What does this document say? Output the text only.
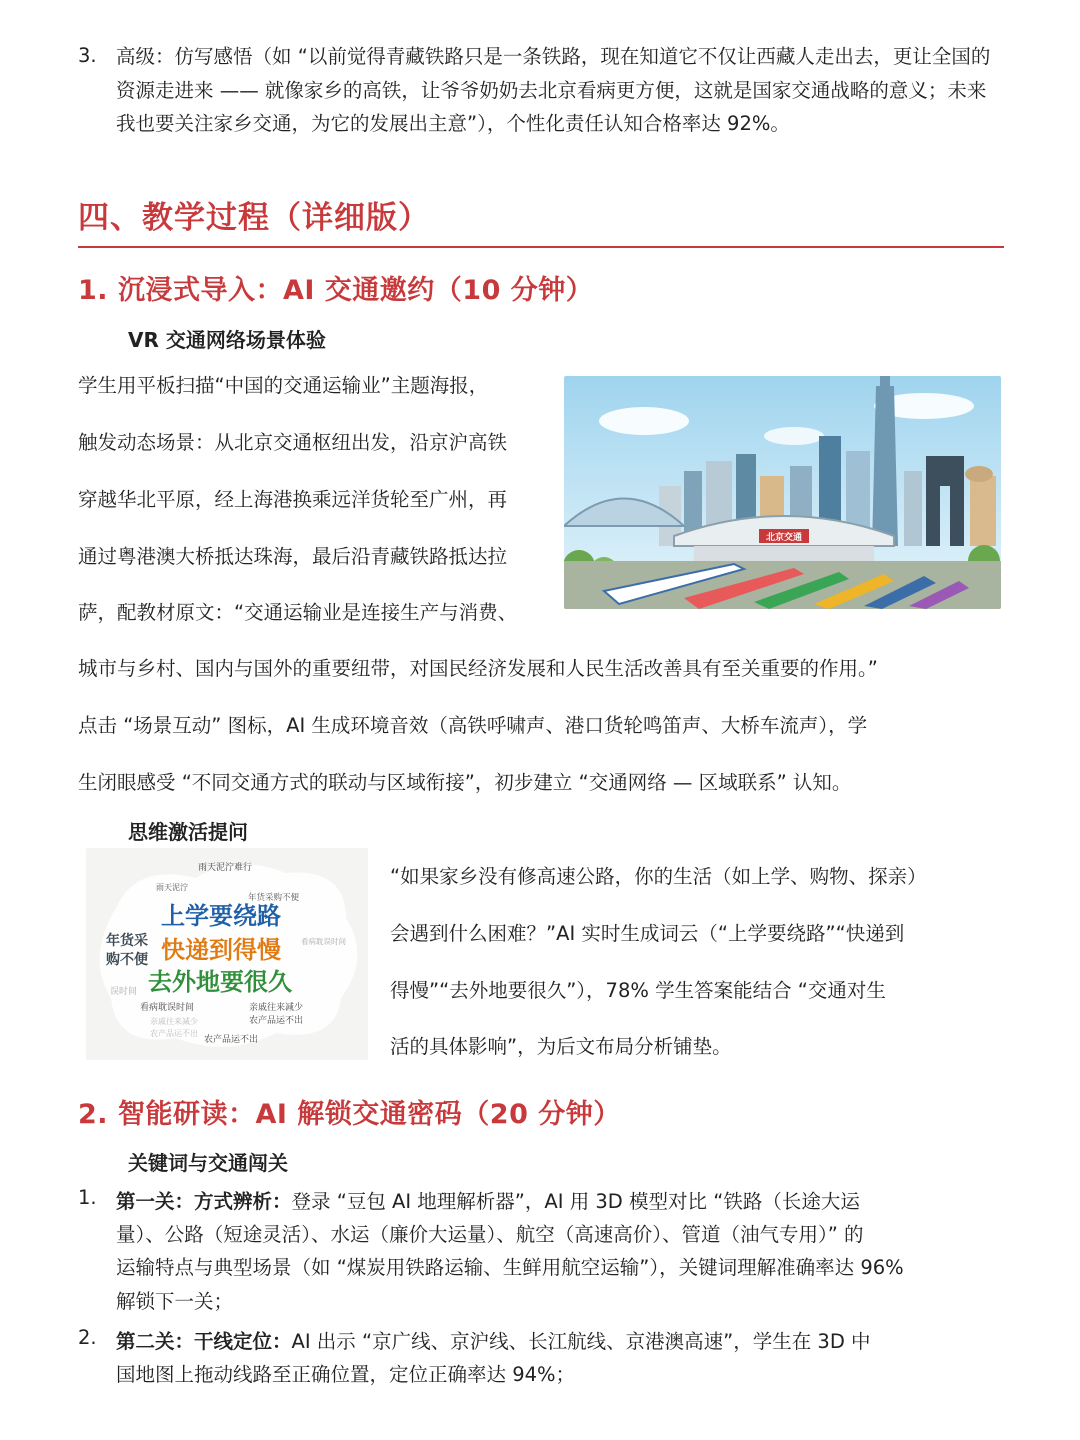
3. 高级：仿写感悟（如 “以前觉得青藏铁路只是一条铁路，现在知道它不仅让西藏人走出去，更让全国的资源走进来 —— 就像家乡的高铁，让爷爷奶奶去北京看病更方便，这就是国家交通战略的意义；未来我也要关注家乡交通，为它的发展出主意”），个性化责任认知合格率达 92%。
四、教学过程（详细版）
1. 沉浸式导入：AI 交通邀约（10 分钟）
VR 交通网络场景体验
学生用平板扫描“中国的交通运输业”主题海报，
触发动态场景：从北京交通枢纽出发，沿京沪高铁
穿越华北平原，经上海港换乘远洋货轮至广州，再
通过粤港澳大桥抵达珠海，最后沿青藏铁路抵达拉
萨，配教材原文：“交通运输业是连接生产与消费、
城市与乡村、国内与国外的重要纽带，对国民经济发展和人民生活改善具有至关重要的作用。”
点击 “场景互动” 图标，AI 生成环境音效（高铁呼啸声、港口货轮鸣笛声、大桥车流声），学
生闭眼感受 “不同交通方式的联动与区域衔接”，初步建立 “交通网络 — 区域联系” 认知。
北京交通
思维激活提问
雨天泥泞难行
雨天泥泞
年货采购不便
上学要绕路
年货采
购不便 快递到得慢	看病耽误时间
误时间 去外地要很久
看病耽误时间	亲戚往来减少
农产品运不出
亲戚往来减少
农产品运不出
农产品运不出
“如果家乡没有修高速公路，你的生活（如上学、购物、探亲）
会遇到什么困难？”AI 实时生成词云（“上学要绕路”“快递到
得慢”“去外地要很久”），78% 学生答案能结合 “交通对生
活的具体影响”，为后文布局分析铺垫。
2. 智能研读：AI 解锁交通密码（20 分钟）
关键词与交通闯关
1. 第一关：方式辨析：登录 “豆包 AI 地理解析器”，AI 用 3D 模型对比 “铁路（长途大运
量）、公路（短途灵活）、水运（廉价大运量）、航空（高速高价）、管道（油气专用）” 的
运输特点与典型场景（如 “煤炭用铁路运输、生鲜用航空运输”），关键词理解准确率达 96%
解锁下一关；
2. 第二关：干线定位：AI 出示 “京广线、京沪线、长江航线、京港澳高速”，学生在 3D 中
国地图上拖动线路至正确位置，定位正确率达 94%；
